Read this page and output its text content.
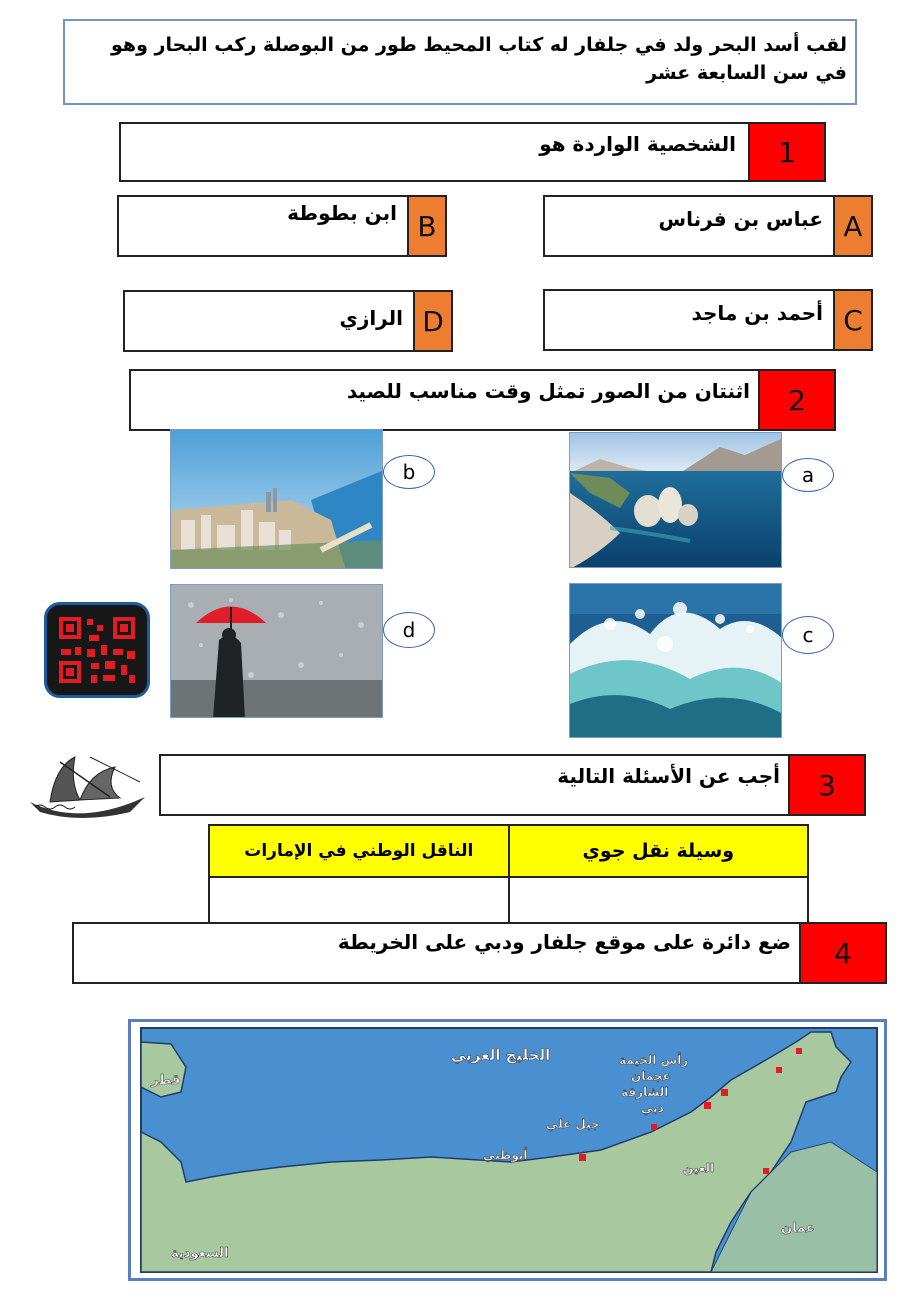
لقب أسد البحر ولد في جلفار له كتاب المحيط طور من البوصلة ركب البحار وهو في سن السابعة عشر
1
الشخصية الواردة هو
A
عباس بن فرناس
B
ابن بطوطة
C
أحمد بن ماجد
D
الرازي
2
اثنتان من الصور تمثل وقت مناسب للصيد
a
b
c
d
3
أجب عن الأسئلة التالية
الناقل الوطني في الإمارات	وسيلة نقل جوي

4
ضع دائرة على موقع جلفار ودبي على الخريطة
الخليج العربي
قطر
رأس الخيمة
عجمان
الشارقة
دبي
جبل علي
أبوظبي
العين
السعودية
عمان
